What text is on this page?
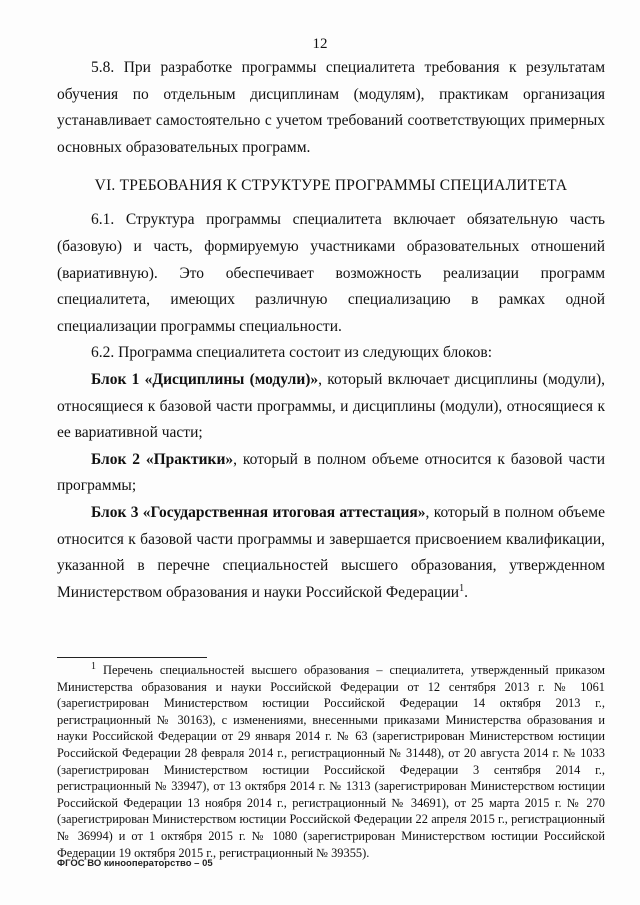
12

5.8. При разработке программы специалитета требования к результатам обучения по отдельным дисциплинам (модулям), практикам организация устанавливает самостоятельно с учетом требований соответствующих примерных основных образовательных программ.

VI. ТРЕБОВАНИЯ К СТРУКТУРЕ ПРОГРАММЫ СПЕЦИАЛИТЕТА

6.1. Структура программы специалитета включает обязательную часть (базовую) и часть, формируемую участниками образовательных отношений (вариативную). Это обеспечивает возможность реализации программ специалитета, имеющих различную специализацию в рамках одной специализации программы специальности.

6.2. Программа специалитета состоит из следующих блоков:

Блок 1 «Дисциплины (модули)», который включает дисциплины (модули), относящиеся к базовой части программы, и дисциплины (модули), относящиеся к ее вариативной части;

Блок 2 «Практики», который в полном объеме относится к базовой части программы;

Блок 3 «Государственная итоговая аттестация», который в полном объеме относится к базовой части программы и завершается присвоением квалификации, указанной в перечне специальностей высшего образования, утвержденном Министерством образования и науки Российской Федерации$^1$.

$^1$ Перечень специальностей высшего образования – специалитета, утвержденный приказом Министерства образования и науки Российской Федерации от 12 сентября 2013 г. № 1061 (зарегистрирован Министерством юстиции Российской Федерации 14 октября 2013 г., регистрационный № 30163), с изменениями, внесенными приказами Министерства образования и науки Российской Федерации от 29 января 2014 г. № 63 (зарегистрирован Министерством юстиции Российской Федерации 28 февраля 2014 г., регистрационный № 31448), от 20 августа 2014 г. № 1033 (зарегистрирован Министерством юстиции Российской Федерации 3 сентября 2014 г., регистрационный № 33947), от 13 октября 2014 г. № 1313 (зарегистрирован Министерством юстиции Российской Федерации 13 ноября 2014 г., регистрационный № 34691), от 25 марта 2015 г. № 270 (зарегистрирован Министерством юстиции Российской Федерации 22 апреля 2015 г., регистрационный № 36994) и от 1 октября 2015 г. № 1080 (зарегистрирован Министерством юстиции Российской Федерации 19 октября 2015 г., регистрационный № 39355).

ФГОС ВО кинооператорство – 05
